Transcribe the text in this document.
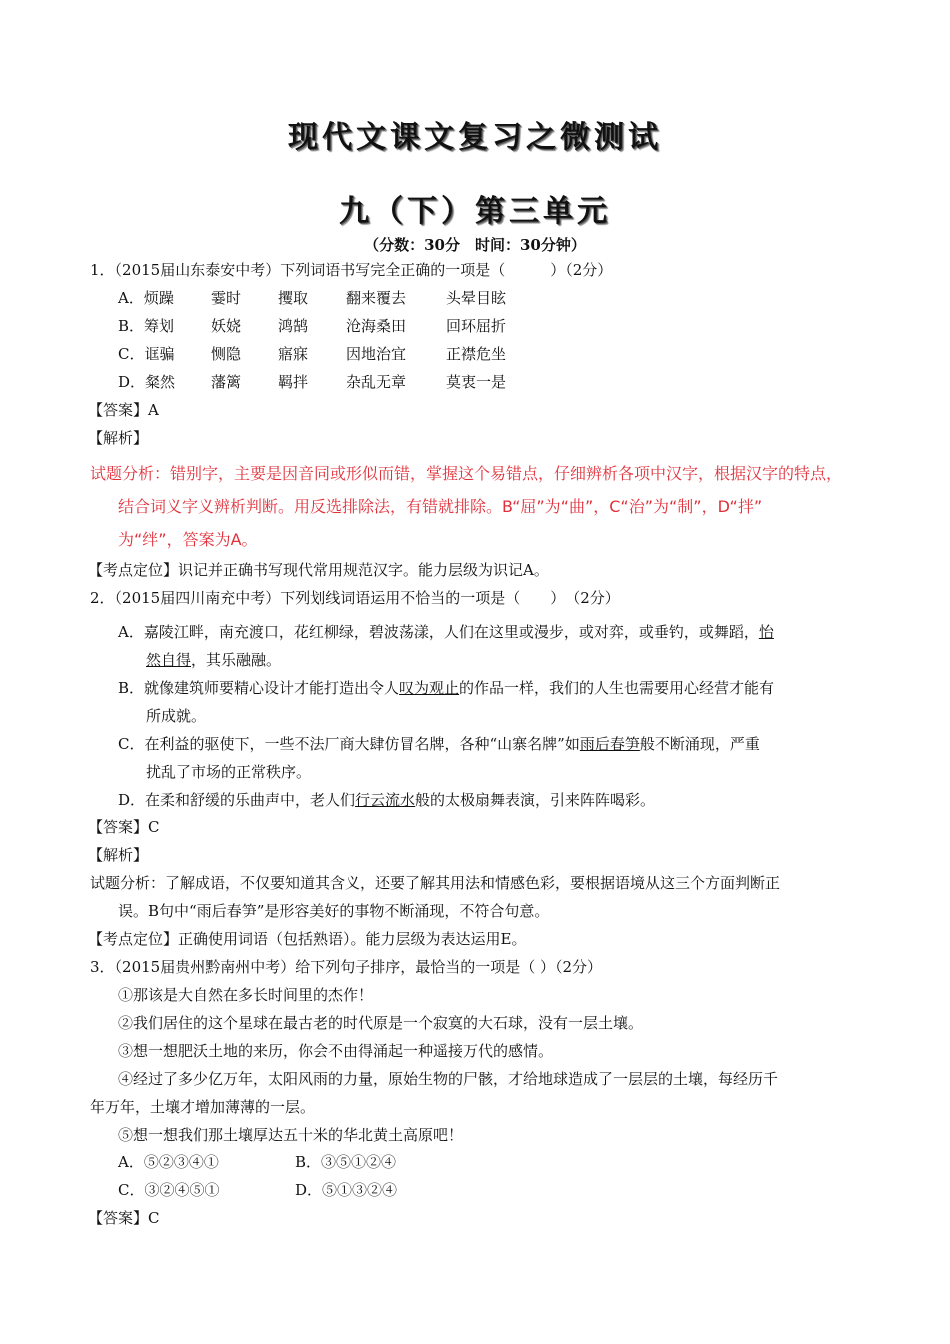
现代文课文复习之微测试
九（下）第三单元
（分数：30分　时间：30分钟）
1．（2015届山东泰安中考）下列词语书写完全正确的一项是（　　　）（2分）
A．烦躁 霎时 攫取	翻来覆去	头晕目眩
B．筹划 妖娆 鸿鹄	沧海桑田	回环屈折
C．诓骗 恻隐 寤寐	因地治宜	正襟危坐
D．粲然 藩篱 羁拌	杂乱无章	莫衷一是
【答案】A
【解析】
试题分析：错别字，主要是因音同或形似而错，掌握这个易错点，仔细辨析各项中汉字，根据汉字的特点，
结合词义字义辨析判断。用反选排除法，有错就排除。B“屈”为“曲”，C“治”为“制”，D“拌”
为“绊”，答案为A。
【考点定位】识记并正确书写现代常用规范汉字。能力层级为识记A。
2．（2015届四川南充中考）下列划线词语运用不恰当的一项是（　　）　（2分）
A．嘉陵江畔，南充渡口，花红柳绿，碧波荡漾，人们在这里或漫步，或对弈，或垂钓，或舞蹈，怡
然自得，其乐融融。
B．就像建筑师要精心设计才能打造出令人叹为观止的作品一样，我们的人生也需要用心经营才能有
所成就。
C．在利益的驱使下，一些不法厂商大肆仿冒名牌，各种“山寨名牌”如雨后春笋般不断涌现，严重
扰乱了市场的正常秩序。
D．在柔和舒缓的乐曲声中，老人们行云流水般的太极扇舞表演，引来阵阵喝彩。
【答案】C
【解析】
试题分析：了解成语，不仅要知道其含义，还要了解其用法和情感色彩，要根据语境从这三个方面判断正
误。B句中“雨后春笋”是形容美好的事物不断涌现，不符合句意。
【考点定位】正确使用词语（包括熟语）。能力层级为表达运用E。
3．（2015届贵州黔南州中考）给下列句子排序，最恰当的一项是（ ）（2分）
①那该是大自然在多长时间里的杰作！
②我们居住的这个星球在最古老的时代原是一个寂寞的大石球，没有一层土壤。
③想一想肥沃土地的来历，你会不由得涌起一种遥接万代的感情。
④经过了多少亿万年，太阳风雨的力量，原始生物的尸骸，才给地球造成了一层层的土壤，每经历千
年万年，土壤才增加薄薄的一层。
⑤想一想我们那土壤厚达五十米的华北黄土高原吧！
A．⑤②③④①	B．③⑤①②④
C．③②④⑤①	D．⑤①③②④
【答案】C
